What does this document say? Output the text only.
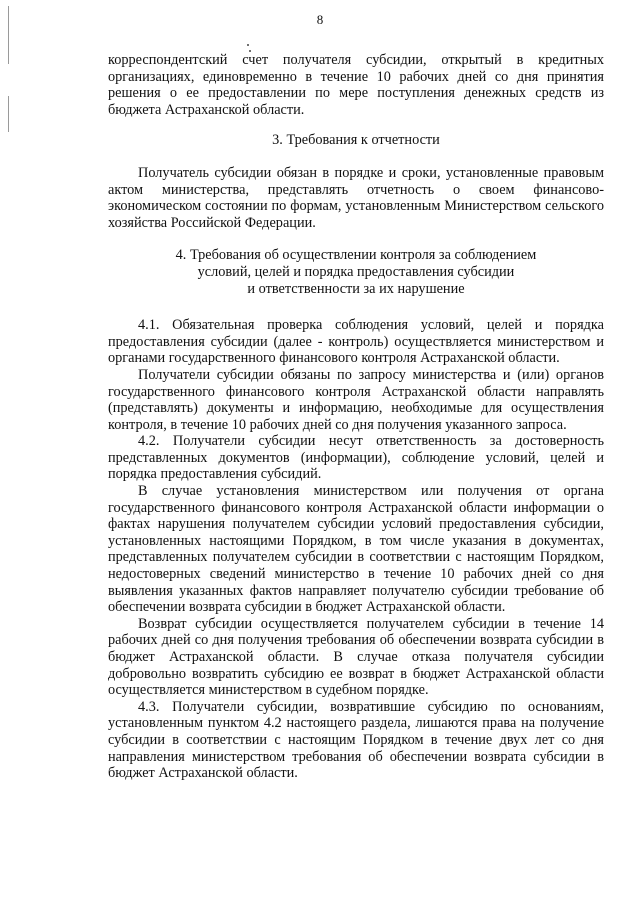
8

корреспондентский счет получателя субсидии, открытый в кредитных организациях, единовременно в течение 10 рабочих дней со дня принятия решения о ее предоставлении по мере поступления денежных средств из бюджета Астраханской области.

3. Требования к отчетности

Получатель субсидии обязан в порядке и сроки, установленные правовым актом министерства, представлять отчетность о своем финансово-экономическом состоянии по формам, установленным Министерством сельского хозяйства Российской Федерации.

4. Требования об осуществлении контроля за соблюдением
условий, целей и порядка предоставления субсидии
и ответственности за их нарушение

4.1. Обязательная проверка соблюдения условий, целей и порядка предоставления субсидии (далее - контроль) осуществляется министерством и органами государственного финансового контроля Астраханской области.

Получатели субсидии обязаны по запросу министерства и (или) органов государственного финансового контроля Астраханской области направлять (представлять) документы и информацию, необходимые для осуществления контроля, в течение 10 рабочих дней со дня получения указанного запроса.

4.2. Получатели субсидии несут ответственность за достоверность представленных документов (информации), соблюдение условий, целей и порядка предоставления субсидий.

В случае установления министерством или получения от органа государственного финансового контроля Астраханской области информации о фактах нарушения получателем субсидии условий предоставления субсидии, установленных настоящими Порядком, в том числе указания в документах, представленных получателем субсидии в соответствии с настоящим Порядком, недостоверных сведений министерство в течение 10 рабочих дней со дня выявления указанных фактов направляет получателю субсидии требование об обеспечении возврата субсидии в бюджет Астраханской области.

Возврат субсидии осуществляется получателем субсидии в течение 14 рабочих дней со дня получения требования об обеспечении возврата субсидии в бюджет Астраханской области. В случае отказа получателя субсидии добровольно возвратить субсидию ее возврат в бюджет Астраханской области осуществляется министерством в судебном порядке.

4.3. Получатели субсидии, возвратившие субсидию по основаниям, установленным пунктом 4.2 настоящего раздела, лишаются права на получение субсидии в соответствии с настоящим Порядком в течение двух лет со дня направления министерством требования об обеспечении возврата субсидии в бюджет Астраханской области.
